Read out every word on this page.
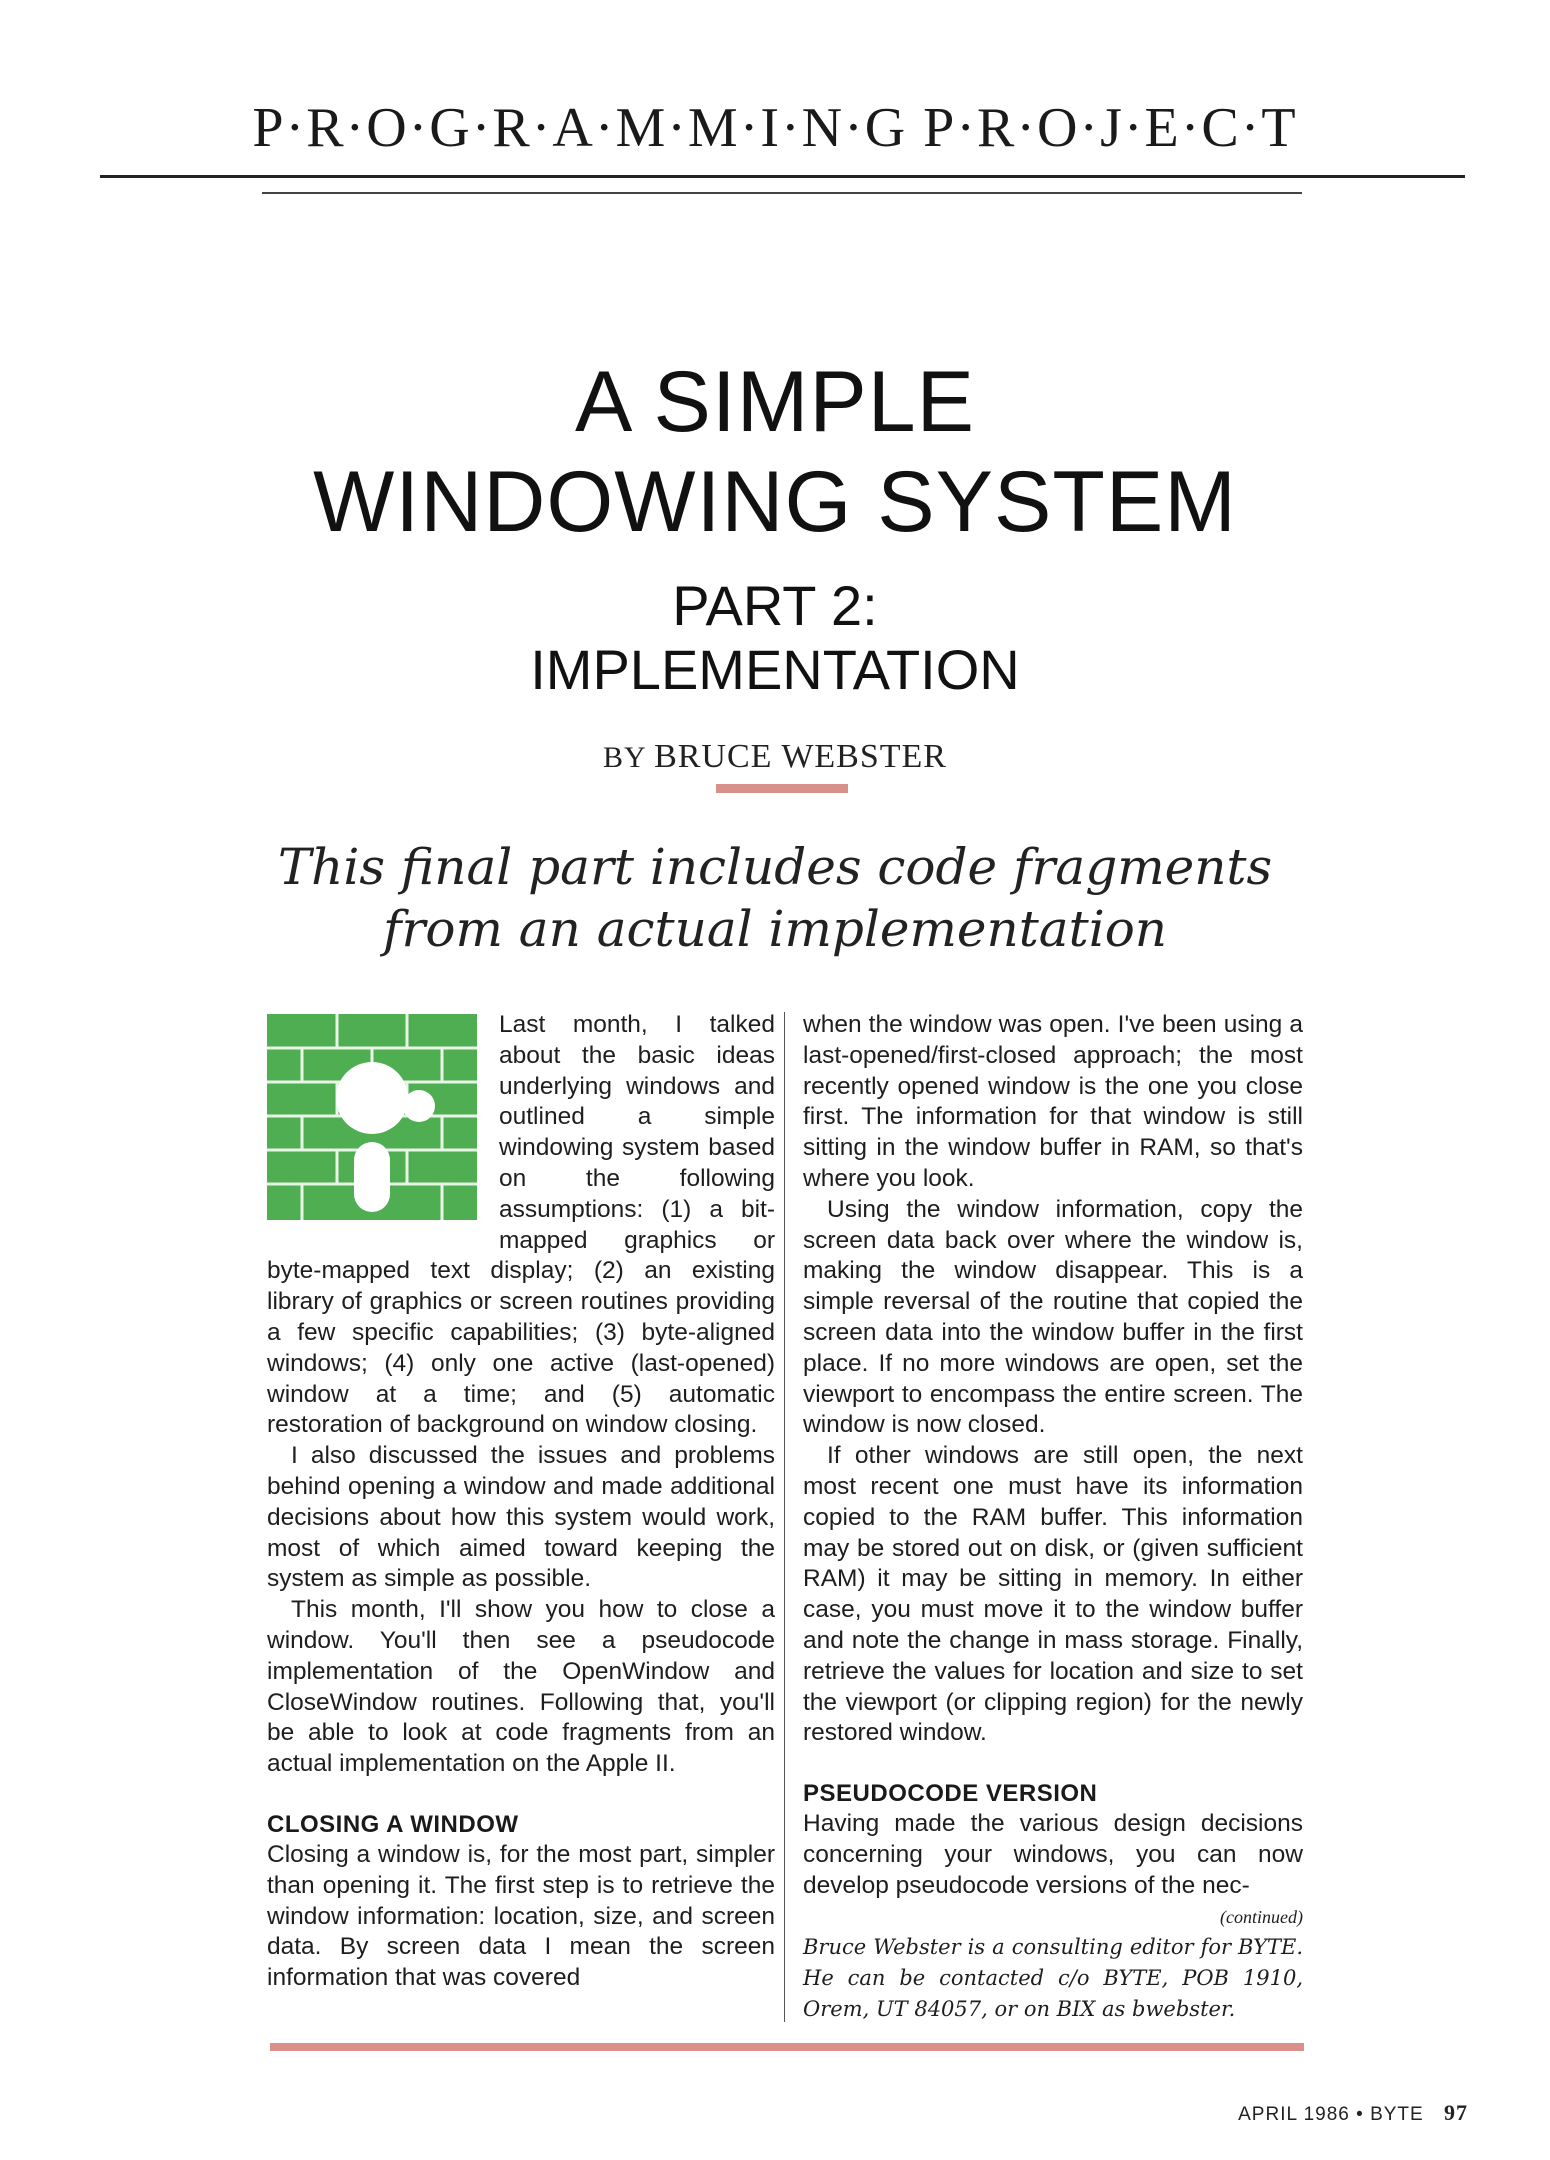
P·R·O·G·R·A·M·M·I·N·G P·R·O·J·E·C·T
A SIMPLE
WINDOWING SYSTEM
PART 2:
IMPLEMENTATION
BY BRUCE WEBSTER
This final part includes code fragments
from an actual implementation

Last month, I talked about the basic ideas underlying windows and outlined a simple windowing system based on the following assumptions: (1) a bit-mapped graphics or byte-mapped text display; (2) an existing library of graphics or screen routines providing a few specific capabilities; (3) byte-aligned windows; (4) only one active (last-opened) window at a time; and (5) automatic restoration of background on window closing.

I also discussed the issues and problems behind opening a window and made additional decisions about how this system would work, most of which aimed toward keeping the system as simple as possible.

This month, I'll show you how to close a window. You'll then see a pseudocode implementation of the OpenWindow and CloseWindow routines. Following that, you'll be able to look at code fragments from an actual implementation on the Apple II.

CLOSING A WINDOW

Closing a window is, for the most part, simpler than opening it. The first step is to retrieve the window information: location, size, and screen data. By screen data I mean the screen information that was covered

when the window was open. I've been using a last-opened/first-closed approach; the most recently opened window is the one you close first. The information for that window is still sitting in the window buffer in RAM, so that's where you look.

Using the window information, copy the screen data back over where the window is, making the window disappear. This is a simple reversal of the routine that copied the screen data into the window buffer in the first place. If no more windows are open, set the viewport to encompass the entire screen. The window is now closed.

If other windows are still open, the next most recent one must have its information copied to the RAM buffer. This information may be stored out on disk, or (given sufficient RAM) it may be sitting in memory. In either case, you must move it to the window buffer and note the change in mass storage. Finally, retrieve the values for location and size to set the viewport (or clipping region) for the newly restored window.

PSEUDOCODE VERSION

Having made the various design decisions concerning your windows, you can now develop pseudocode versions of the nec-

(continued)
Bruce Webster is a consulting editor for BYTE. He can be contacted c/o BYTE, POB 1910, Orem, UT 84057, or on BIX as bwebster.
APRIL 1986 • BYTE 97
